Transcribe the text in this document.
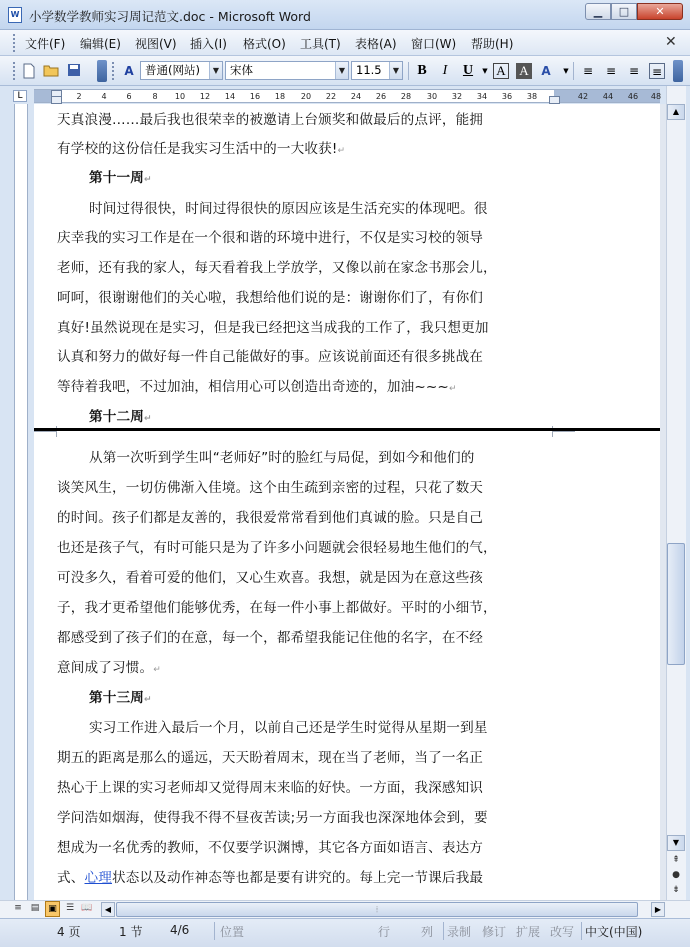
W 小学数学教师实习周记范文.doc - Microsoft Word	▁	□	✕
文件(F) 编辑(E) 视图(V) 插入(I) 格式(O) 工具(T) 表格(A) 窗口(W) 帮助(H)	✕
A 普通(网站)	▼ 宋体	▼ 11.5	▼ B	I	U	▼ A A A	▼	≡ ≡ ≡ ≡
L	2	4	6	8	10	12	14	16	18	20	22	24	26	28	30	32	34	36	38	42	44	46	48
天真浪漫……最后我也很荣幸的被邀请上台颁奖和做最后的点评，能拥
有学校的这份信任是我实习生活中的一大收获!↵
第十一周↵
时间过得很快，时间过得很快的原因应该是生活充实的体现吧。很
庆幸我的实习工作是在一个很和谐的环境中进行，不仅是实习校的领导
老师，还有我的家人，每天看着我上学放学，又像以前在家念书那会儿，
呵呵，很谢谢他们的关心啦，我想给他们说的是：谢谢你们了，有你们
真好!虽然说现在是实习，但是我已经把这当成我的工作了，我只想更加
认真和努力的做好每一件自己能做好的事。应该说前面还有很多挑战在
等待着我吧，不过加油，相信用心可以创造出奇迹的，加油~~~↵
第十二周↵
从第一次听到学生叫“老师好”时的脸红与局促，到如今和他们的
谈笑风生，一切仿佛渐入佳境。这个由生疏到亲密的过程，只花了数天
的时间。孩子们都是友善的，我很爱常常看到他们真诚的脸。只是自己
也还是孩子气，有时可能只是为了许多小问题就会很轻易地生他们的气，
可没多久，看着可爱的他们，又心生欢喜。我想，就是因为在意这些孩
子，我才更希望他们能够优秀，在每一件小事上都做好。平时的小细节，
都感受到了孩子们的在意，每一个，都希望我能记住他的名字，在不经
意间成了习惯。↵
第十三周↵
实习工作进入最后一个月，以前自己还是学生时觉得从星期一到星
期五的距离是那么的遥远，天天盼着周末，现在当了老师，当了一名正
热心于上课的实习老师却又觉得周末来临的好快。一方面，我深感知识
学问浩如烟海，使得我不得不昼夜苦读;另一方面我也深深地体会到，要
想成为一名优秀的教师，不仅要学识渊博，其它各方面如语言、表达方
式、心理状态以及动作神态等也都是要有讲究的。每上完一节课后我最
▲
▼
⇞
●
⇟
≡ ▤ ▣	☰ 📖	◀	⦙	▶
4 页	1 节 4/6	位置	行	列 录制 修订 扩展 改写 中文(中国)
